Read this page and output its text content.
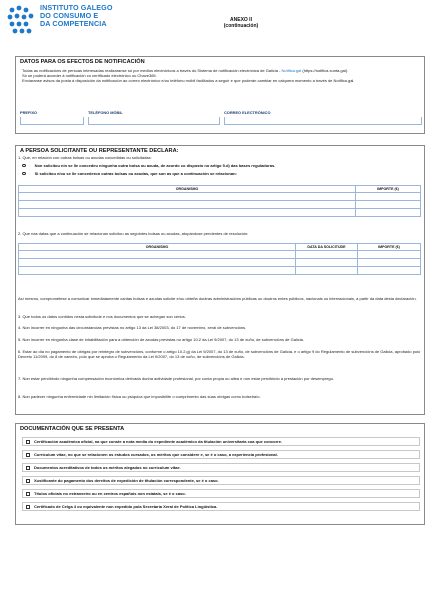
INSTITUTO GALEGO
DO CONSUMO E
DA COMPETENCIA	ANEXO II
(continuación)
DATOS PARA OS EFECTOS DE NOTIFICACIÓN
Todas as notificacións de persoas interesadas realizaranse só por medios electrónicos a través do Sistema de notificación electrónica de Galicia - Notifica.gal (https://notifica.xunta.gal).
Só se poderá acceder á notificación co certificado electrónico ou Chave365.
Enviaranse avisos da posta á disposición da notificación ao correo electrónico e/ou teléfono móbil facilitados a seguir e que poderán cambiar en calquera momento a través de Notifica.gal.
PREFIXO	TELÉFONO MÓBIL	CORREO ELECTRÓNICO
A PERSOA SOLICITANTE OU REPRESENTANTE DECLARA:
1. Que, en relación con outras bolsas ou axudas concedidas ou solicitadas:
Non solicitou nin se lle concedeu ningunha outra bolsa ou axuda, de acordo co disposto no artigo 5.d) das bases reguladoras.
Si solicitou e/ou se lle concederon outras bolsas ou axudas, que son as que a continuación se relacionan:
ORGANISMO	IMPORTE (€)

2. Que nas datas que a continuación se relacionan solicitou as seguintes bolsas ou axudas, atopándose pendentes de resolución:
ORGANISMO	DATA DA SOLICITUDE	IMPORTE (€)

Así mesmo, comprométese a comunicar inmediatamente cantas bolsas e axudas solicite e/ou obteña doutras administracións públicas ou doutros entes públicos, nacionais ou internacionais, a partir da data desta declaración.
3. Que todos os datos contidos nesta solicitude e nos documentos que se achegan son certos.
4. Non incorrer en ningunha das circunstancias previstas no artigo 13 da Lei 38/2003, do 17 de novembro, xeral de subvencións.
5. Non incorrer en ningunha clase de inhabilitación para a obtención de axudas previstas no artigo 10.2 da Lei 9/2007, do 13 de xuño, de subvencións de Galicia.
6. Estar ao día no pagamento de obrigas por reintegro de subvencións, conforme o artigo 10.2.g) da Lei 9/2007, do 13 de xuño, de subvencións de Galicia, e o artigo 9 do Regulamento de subvencións de Galicia, aprobado polo Decreto 11/2009, do 8 de xaneiro, polo que se aproba o Regulamento da Lei 9/2007, do 13 de xuño, de subvencións de Galicia.
7. Non estar percibindo ningunha compensación económica derivada dunha actividade profesional, por conta propia ou allea e non estar percibindo a prestación por desemprego.
8. Non padecer ningunha enfermidade nin limitación física ou psíquica que imposibilite o cumprimento das súas obrigas como bolseira/o.
DOCUMENTACIÓN QUE SE PRESENTA
Certificación académica oficial, na que conste a nota media do expediente académico da titulación universitaria coa que concorre.
Curriculum vitae, no que se relacionen os estudos cursados, os méritos que considere e, se é o caso, a experiencia profesional.
Documentos acreditativos de todos os méritos alegados no currículum vitae.
Xustificante do pagamento dos dereitos de expedición de titulación correspondente, se é o caso.
Títulos oficiais no estranxeiro ou en centros españois non estatais, se é o caso.
Certificado de Celga 4 ou equivalente non expedido pola Secretaría Xeral de Política Lingüística.
